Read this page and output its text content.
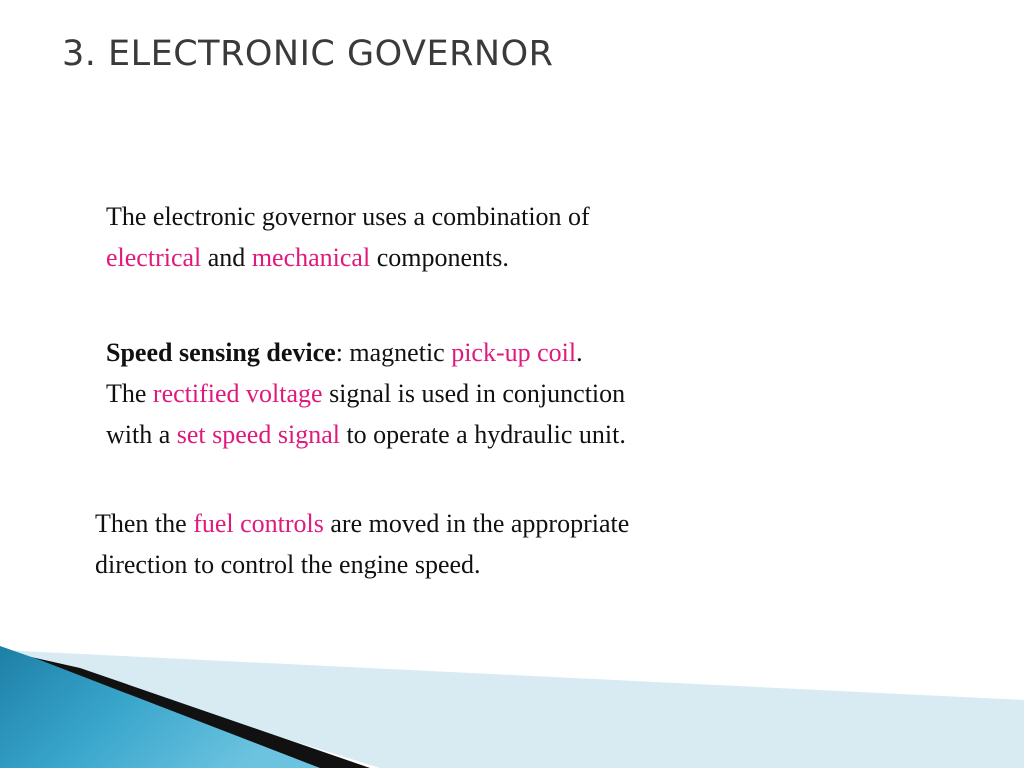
3. ELECTRONIC GOVERNOR

The electronic governor uses a combination of
electrical and mechanical components.

Speed sensing device: magnetic pick-up coil.
The rectified voltage signal is used in conjunction
with a set speed signal to operate a hydraulic unit.

Then the fuel controls are moved in the appropriate
direction to control the engine speed.
